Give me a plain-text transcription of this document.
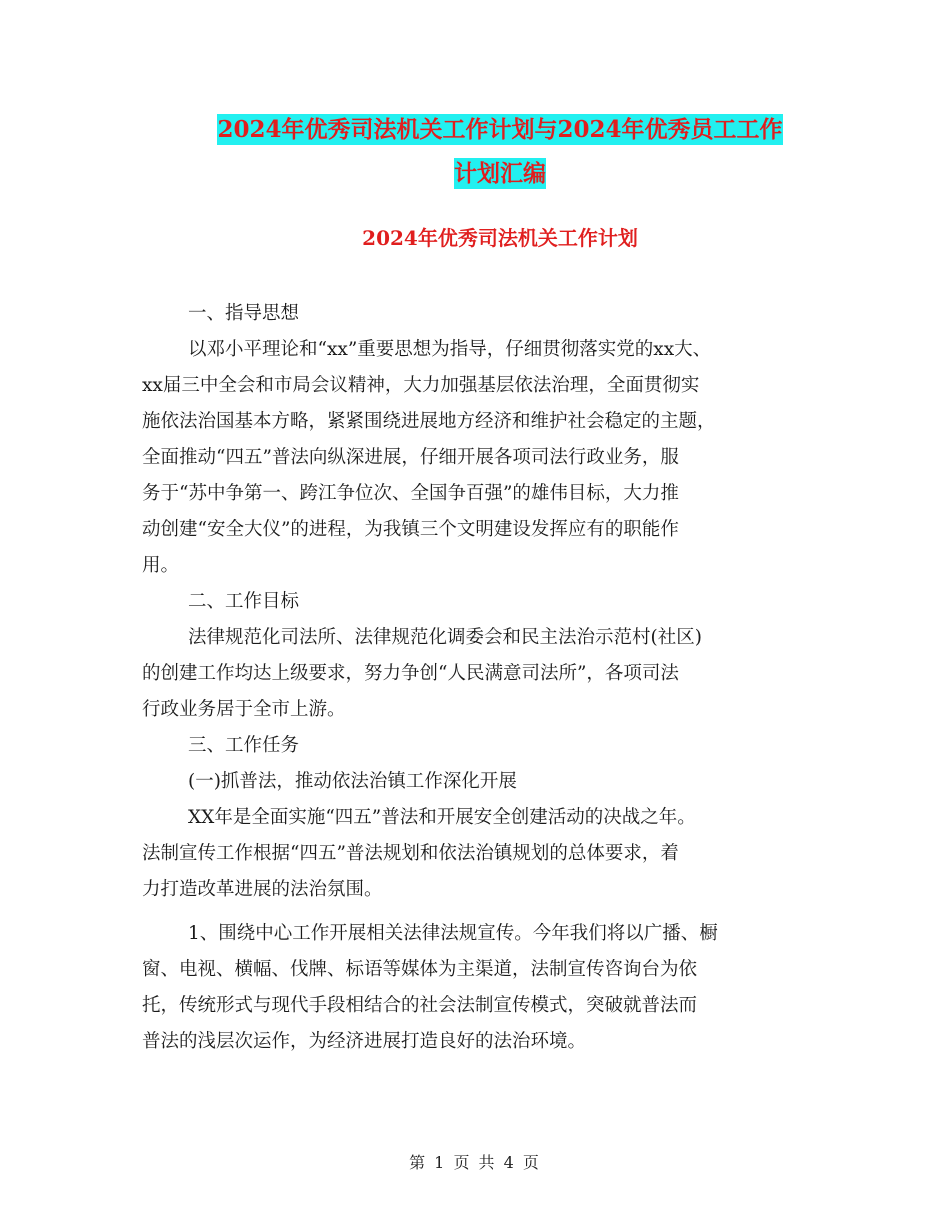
2024年优秀司法机关工作计划与2024年优秀员工工作
计划汇编
2024年优秀司法机关工作计划
一、指导思想
以邓小平理论和“xx”重要思想为指导，仔细贯彻落实党的xx大、
xx届三中全会和市局会议精神，大力加强基层依法治理，全面贯彻实
施依法治国基本方略，紧紧围绕进展地方经济和维护社会稳定的主题，
全面推动“四五”普法向纵深进展，仔细开展各项司法行政业务，服
务于“苏中争第一、跨江争位次、全国争百强”的雄伟目标，大力推
动创建“安全大仪”的进程，为我镇三个文明建设发挥应有的职能作
用。
二、工作目标
法律规范化司法所、法律规范化调委会和民主法治示范村(社区)
的创建工作均达上级要求，努力争创“人民满意司法所”，各项司法
行政业务居于全市上游。
三、工作任务
(一)抓普法，推动依法治镇工作深化开展
XX年是全面实施“四五”普法和开展安全创建活动的决战之年。
法制宣传工作根据“四五”普法规划和依法治镇规划的总体要求，着
力打造改革进展的法治氛围。
1、围绕中心工作开展相关法律法规宣传。今年我们将以广播、橱
窗、电视、横幅、伐牌、标语等媒体为主渠道，法制宣传咨询台为依
托，传统形式与现代手段相结合的社会法制宣传模式，突破就普法而
普法的浅层次运作，为经济进展打造良好的法治环境。
第 1 页 共 4 页
